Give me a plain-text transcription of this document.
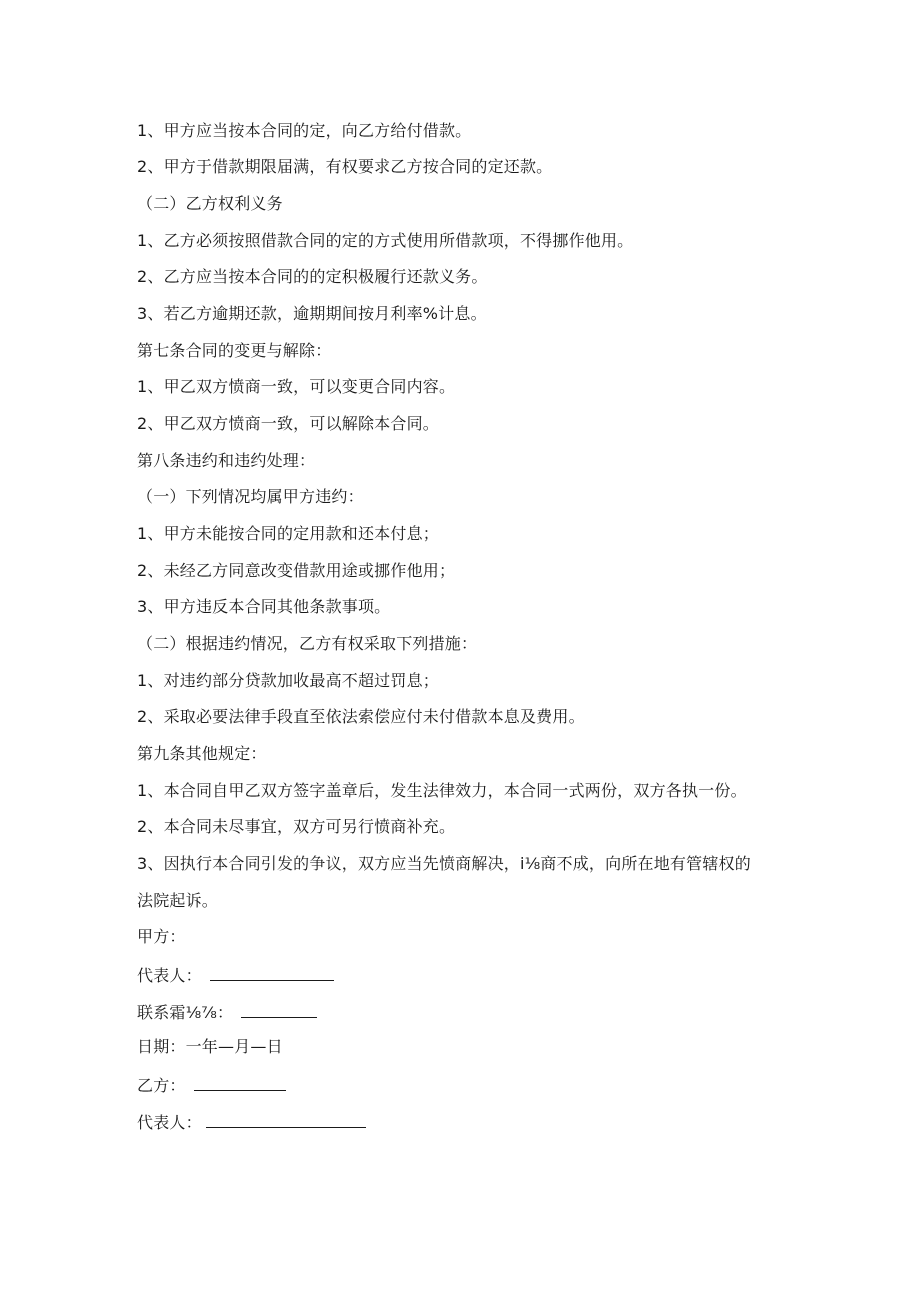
1、甲方应当按本合同的定，向乙方给付借款。
2、甲方于借款期限届满，有权要求乙方按合同的定还款。
（二）乙方权利义务
1、乙方必须按照借款合同的定的方式使用所借款项，不得挪作他用。
2、乙方应当按本合同的的定积极履行还款义务。
3、若乙方逾期还款，逾期期间按月利率%计息。
第七条合同的变更与解除：
1、甲乙双方愤商一致，可以变更合同内容。
2、甲乙双方愤商一致，可以解除本合同。
第八条违约和违约处理：
（一）下列情况均属甲方违约：
1、甲方未能按合同的定用款和还本付息；
2、未经乙方同意改变借款用途或挪作他用；
3、甲方违反本合同其他条款事项。
（二）根据违约情况，乙方有权采取下列措施：
1、对违约部分贷款加收最高不超过罚息；
2、采取必要法律手段直至依法索偿应付未付借款本息及费用。
第九条其他规定：
1、本合同自甲乙双方签字盖章后，发生法律效力，本合同一式两份，双方各执一份。
2、本合同未尽事宜，双方可另行愤商补充。
3、因执行本合同引发的争议，双方应当先愤商解决，i⅛商不成，向所在地有管辖权的
法院起诉。
甲方：
代表人：
联系霜⅛⅞：
日期：一年—月—日
乙方：
代表人：
